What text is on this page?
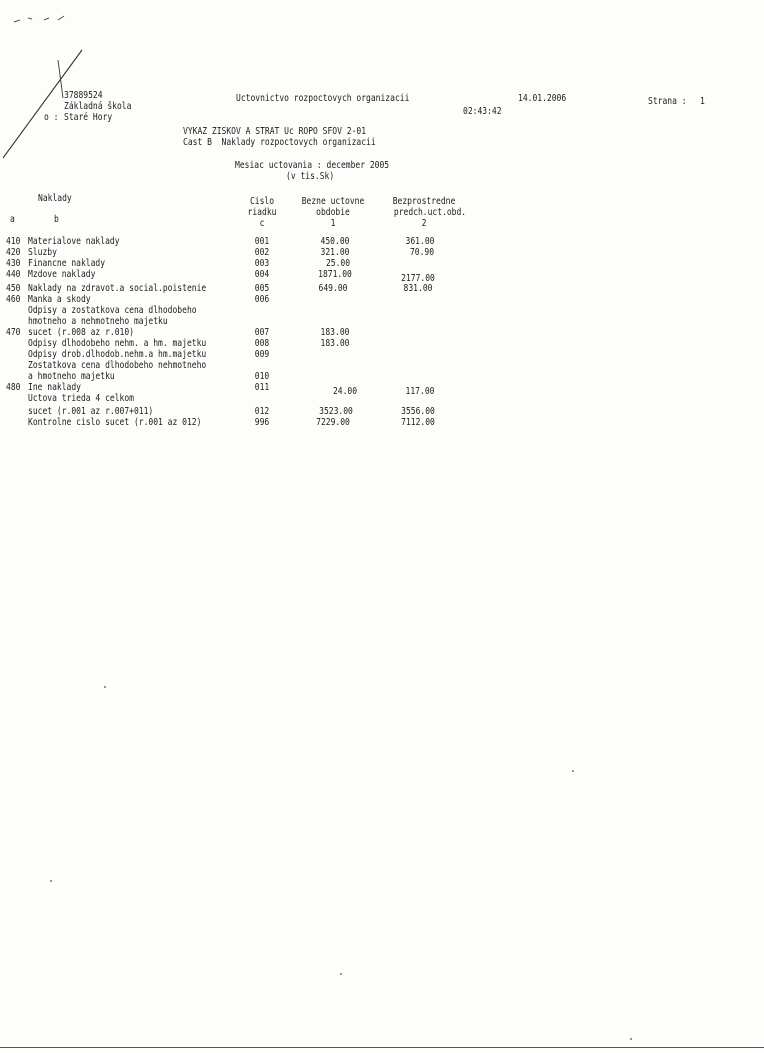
37889524
Základná škola
o : Staré Hory
Uctovnictvo rozpoctovych organizacii	14.01.2006
02:43:42
Strana : 1
VYKAZ ZISKOV A STRAT Uc ROPO SFOV 2-01
Cast B  Naklady rozpoctovych organizacii
Mesiac uctovania : december 2005
(v tis.Sk)
Naklady
a	b
Cislo
riadku
c
Bezne uctovne
obdobie
1
Bezprostredne
predch.uct.obd.
2
410 Materialove naklady	001	450.00	361.00
420 Sluzby	002	321.00	70.90
430 Financne naklady	003	25.00
440 Mzdove naklady	004	1871.00	2177.00
450 Naklady na zdravot.a social.poistenie	005	649.00	831.00
460 Manka a skody	006
Odpisy a zostatkova cena dlhodobeho
hmotneho a nehmotneho majetku
470 sucet (r.008 az r.010)	007	183.00
Odpisy dlhodobeho nehm. a hm. majetku	008	183.00
Odpisy drob.dlhodob.nehm.a hm.majetku	009
Zostatkova cena dlhodobeho nehmotneho
a hmotneho majetku	010
480 Ine naklady	011	24.00	117.00
Uctova trieda 4 celkom
sucet (r.001 az r.007+011)	012	3523.00	3556.00
Kontrolne cislo sucet (r.001 az 012)	996	7229.00	7112.00
